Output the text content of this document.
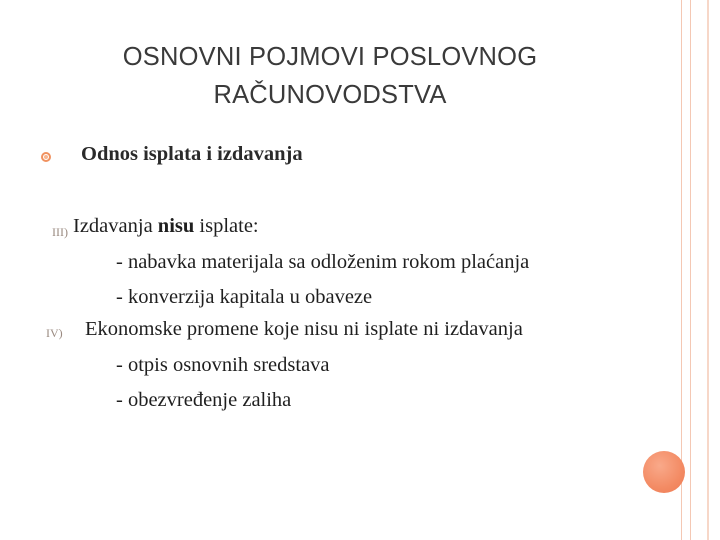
OSNOVNI POJMOVI POSLOVNOG
RAČUNOVODSTVA
Odnos isplata i izdavanja
III) Izdavanja nisu isplate:
- nabavka materijala sa odloženim rokom plaćanja
- konverzija kapitala u obaveze
IV) Ekonomske promene koje nisu ni isplate ni izdavanja
- otpis osnovnih sredstava
- obezvređenje zaliha
